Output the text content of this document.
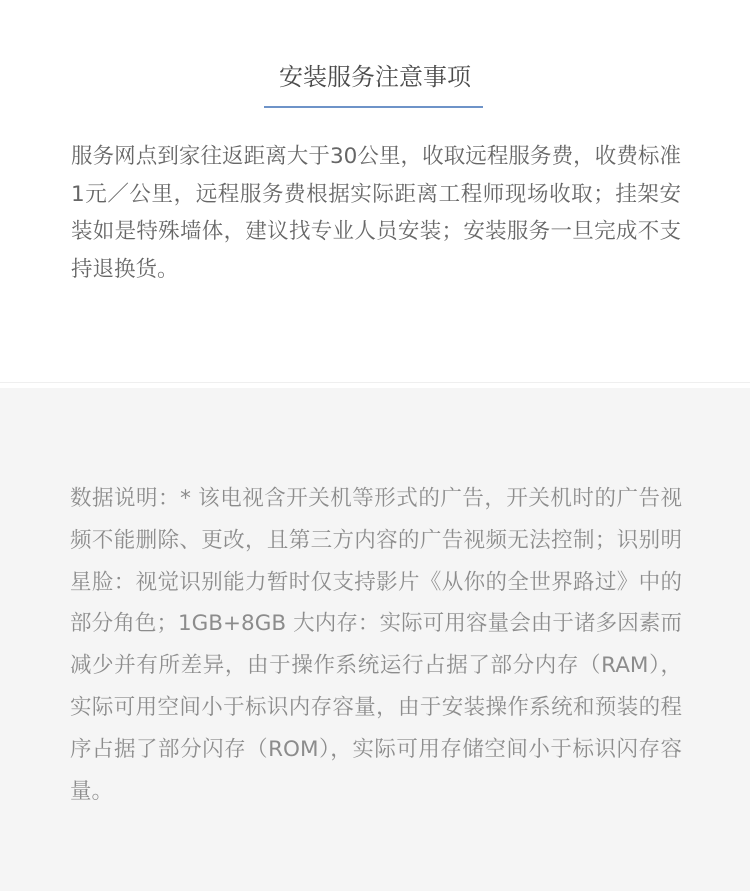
安装服务注意事项

服务网点到家往返距离大于30公里，收取远程服务费，收费标准1元／公里，远程服务费根据实际距离工程师现场收取；挂架安装如是特殊墙体，建议找专业人员安装；安装服务一旦完成不支持退换货。

数据说明：* 该电视含开关机等形式的广告，开关机时的广告视频不能删除、更改，且第三方内容的广告视频无法控制；识别明星脸：视觉识别能力暂时仅支持影片《从你的全世界路过》中的部分角色；1GB+8GB 大内存：实际可用容量会由于诸多因素而减少并有所差异，由于操作系统运行占据了部分内存（RAM），实际可用空间小于标识内存容量，由于安装操作系统和预装的程序占据了部分闪存（ROM），实际可用存储空间小于标识闪存容量。
